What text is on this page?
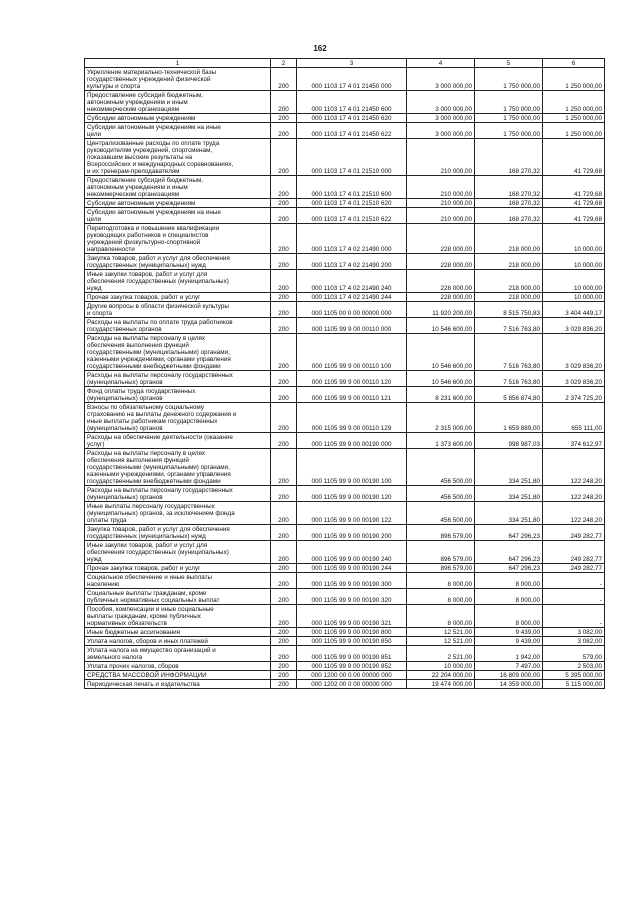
162
1	2	3	4	5	6
Укрепление материально-технической базы
государственных учреждений физической
культуры и спорта	200	000 1103 17 4 01 21450 000	3 000 000,00	1 750 000,00	1 250 000,00
Предоставление субсидий бюджетным,
автономным учреждениям и иным
некоммерческим организациям	200	000 1103 17 4 01 21450 600	3 000 000,00	1 750 000,00	1 250 000,00
Субсидии автономным учреждениям	200	000 1103 17 4 01 21450 620	3 000 000,00	1 750 000,00	1 250 000,00
Субсидии автономным учреждениям на иные
цели	200	000 1103 17 4 01 21450 622	3 000 000,00	1 750 000,00	1 250 000,00
Централизованные расходы по оплате труда
руководителям учреждений, спортсменам,
показавшим высокие результаты на
Всероссийских и международных соревнованиях,
и их тренерам-преподавателям	200	000 1103 17 4 01 21510 000	210 000,00	168 270,32	41 729,68
Предоставление субсидий бюджетным,
автономным учреждениям и иным
некоммерческим организациям	200	000 1103 17 4 01 21510 600	210 000,00	168 270,32	41 729,68
Субсидии автономным учреждениям	200	000 1103 17 4 01 21510 620	210 000,00	168 270,32	41 729,68
Субсидии автономным учреждениям на иные
цели	200	000 1103 17 4 01 21510 622	210 000,00	168 270,32	41 729,68
Переподготовка и повышение квалификации
руководящих работников и специалистов
учреждений физкультурно-спортивной
направленности	200	000 1103 17 4 02 21490 000	228 000,00	218 000,00	10 000,00
Закупка товаров, работ и услуг для обеспечения
государственных (муниципальных) нужд	200	000 1103 17 4 02 21490 200	228 000,00	218 000,00	10 000,00
Иные закупки товаров, работ и услуг для
обеспечения государственных (муниципальных)
нужд	200	000 1103 17 4 02 21490 240	228 000,00	218 000,00	10 000,00
Прочая закупка товаров, работ и услуг	200	000 1103 17 4 02 21490 244	228 000,00	218 000,00	10 000,00
Другие вопросы в области физической культуры
и спорта	200	000 1105 00 0 00 00000 000	11 920 200,00	8 515 750,83	3 404 449,17
Расходы на выплаты по оплате труда работников
государственных органов	200	000 1105 99 9 00 00110 000	10 546 600,00	7 516 763,80	3 029 836,20
Расходы на выплаты персоналу в целях
обеспечения выполнения функций
государственными (муниципальными) органами,
казенными учреждениями, органами управления
государственными внебюджетными фондами	200	000 1105 99 9 00 00110 100	10 546 600,00	7 516 763,80	3 029 836,20
Расходы на выплаты персоналу государственных
(муниципальных) органов	200	000 1105 99 9 00 00110 120	10 546 600,00	7 516 763,80	3 029 836,20
Фонд оплаты труда государственных
(муниципальных) органов	200	000 1105 99 9 00 00110 121	8 231 600,00	5 856 874,80	2 374 725,20
Взносы по обязательному социальному
страхованию на выплаты денежного содержания и
иные выплаты работникам государственных
(муниципальных) органов	200	000 1105 99 9 00 00110 129	2 315 000,00	1 659 889,00	655 111,00
Расходы на обеспечение деятельности (оказание
услуг)	200	000 1105 99 9 00 00190 000	1 373 600,00	998 987,03	374 612,97
Расходы на выплаты персоналу в целях
обеспечения выполнения функций
государственными (муниципальными) органами,
казенными учреждениями, органами управления
государственными внебюджетными фондами	200	000 1105 99 9 00 00190 100	456 500,00	334 251,80	122 248,20
Расходы на выплаты персоналу государственных
(муниципальных) органов	200	000 1105 99 9 00 00190 120	456 500,00	334 251,80	122 248,20
Иные выплаты персоналу государственных
(муниципальных) органов, за исключением фонда
оплаты труда	200	000 1105 99 9 00 00190 122	456 500,00	334 251,80	122 248,20
Закупка товаров, работ и услуг для обеспечения
государственных (муниципальных) нужд	200	000 1105 99 9 00 00190 200	896 579,00	647 296,23	249 282,77
Иные закупки товаров, работ и услуг для
обеспечения государственных (муниципальных)
нужд	200	000 1105 99 9 00 00190 240	896 579,00	647 296,23	249 282,77
Прочая закупка товаров, работ и услуг	200	000 1105 99 9 00 00190 244	896 579,00	647 296,23	249 282,77
Социальное обеспечение и иные выплаты
населению	200	000 1105 99 9 00 00190 300	8 000,00	8 000,00	-
Социальные выплаты гражданам, кроме
публичных нормативных социальных выплат	200	000 1105 99 9 00 00190 320	8 000,00	8 000,00	-
Пособия, компенсации и иные социальные
выплаты гражданам, кроме публичных
нормативных обязательств	200	000 1105 99 9 00 00190 321	8 000,00	8 000,00	-
Иные бюджетные ассигнования	200	000 1105 99 9 00 00190 800	12 521,00	9 439,00	3 082,00
Уплата налогов, сборов и иных платежей	200	000 1105 99 9 00 00190 850	12 521,00	9 439,00	3 082,00
Уплата налога на имущество организаций и
земельного налога	200	000 1105 99 9 00 00190 851	2 521,00	1 942,00	579,00
Уплата прочих налогов, сборов	200	000 1105 99 9 00 00190 852	10 000,00	7 497,00	2 503,00
СРЕДСТВА МАССОВОЙ ИНФОРМАЦИИ	200	000 1200 00 0 00 00000 000	22 204 000,00	16 809 000,00	5 395 000,00
Периодическая печать и издательства	200	000 1202 00 0 00 00000 000	19 474 000,00	14 359 000,00	5 115 000,00
